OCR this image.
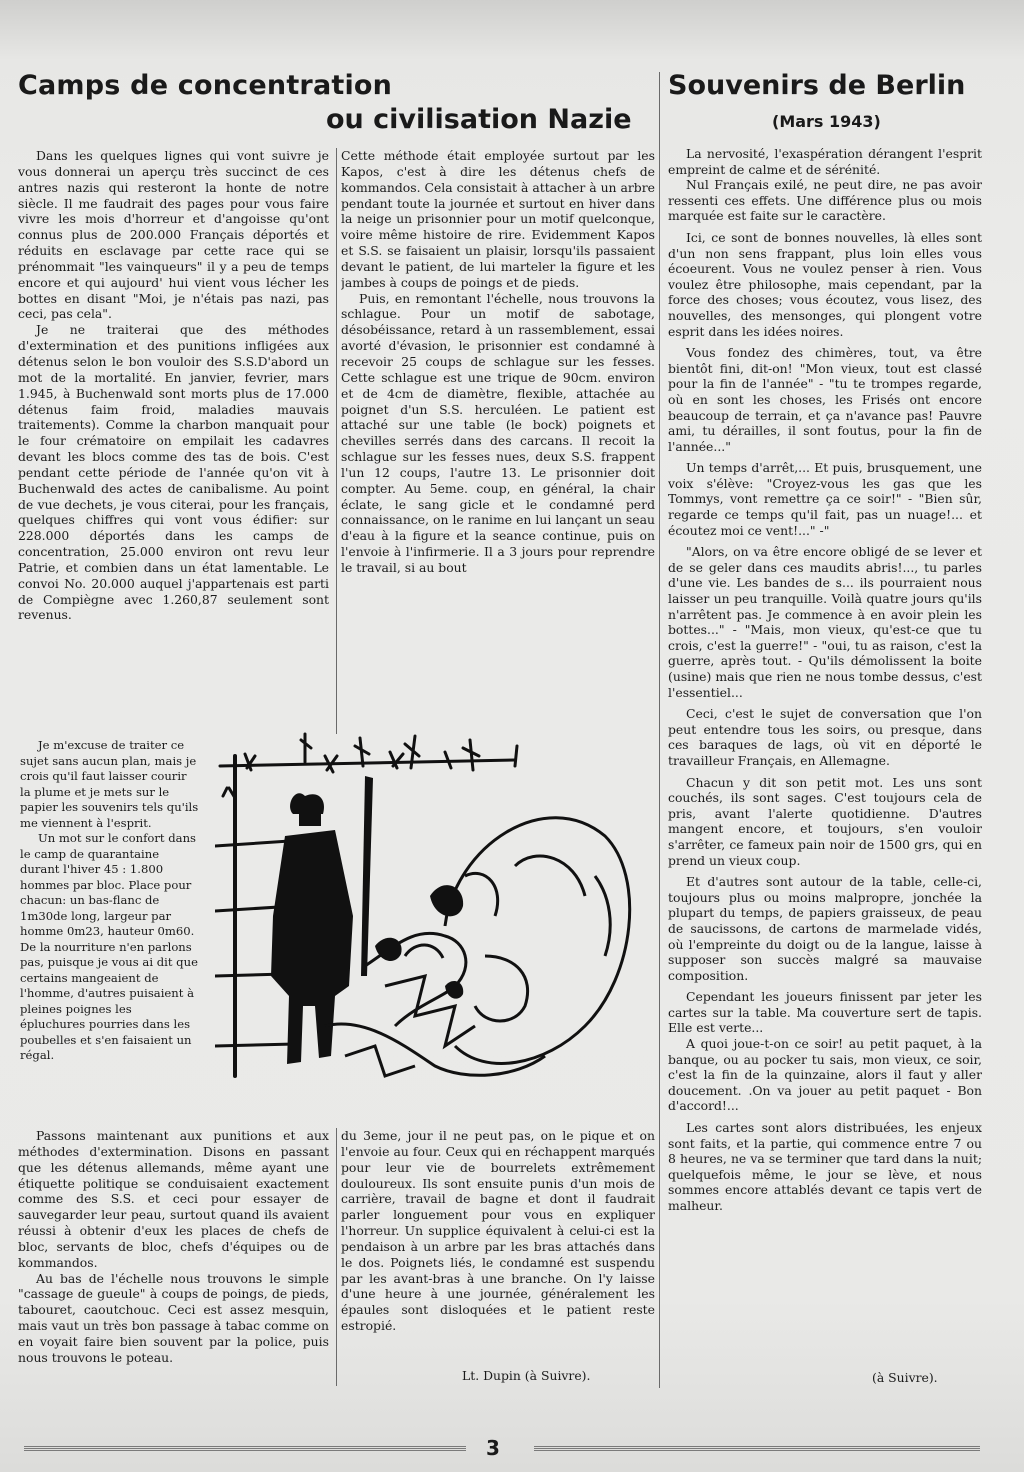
Camps de concentration
ou civilisation Nazie

Dans les quelques lignes qui vont suivre je vous donnerai un aperçu très succinct de ces antres nazis qui resteront la honte de notre siècle. Il me faudrait des pages pour vous faire vivre les mois d'horreur et d'angoisse qu'ont connus plus de 200.000 Français déportés et réduits en esclavage par cette race qui se prénommait "les vainqueurs" il y a peu de temps encore et qui aujourd' hui vient vous lécher les bottes en disant "Moi, je n'étais pas nazi, pas ceci, pas cela".

Je ne traiterai que des méthodes d'extermination et des punitions infligées aux détenus selon le bon vouloir des S.S.D'abord un mot de la mortalité. En janvier, fevrier, mars 1.945, à Buchenwald sont morts plus de 17.000 détenus faim froid, maladies mauvais traitements). Comme la charbon manquait pour le four crématoire on empilait les cadavres devant les blocs comme des tas de bois. C'est pendant cette période de l'année qu'on vit à Buchenwald des actes de canibalisme. Au point de vue dechets, je vous citerai, pour les français, quelques chiffres qui vont vous édifier: sur 228.000 déportés dans les camps de concentration, 25.000 environ ont revu leur Patrie, et combien dans un état lamentable. Le convoi No. 20.000 auquel j'appartenais est parti de Compiègne avec 1.260,87 seulement sont revenus.

Je m'excuse de traiter ce sujet sans aucun plan, mais je crois qu'il faut laisser courir la plume et je mets sur le papier les souvenirs tels qu'ils me viennent à l'esprit.

Un mot sur le confort dans le camp de quarantaine durant l'hiver 45 : 1.800 hommes par bloc. Place pour chacun: un bas-flanc de 1m30de long, largeur par homme 0m23, hauteur 0m60. De la nourriture n'en parlons pas, puisque je vous ai dit que certains mangeaient de l'homme, d'autres puisaient à pleines poignes les épluchures pourries dans les poubelles et s'en faisaient un régal.

Cette méthode était employée surtout par les Kapos, c'est à dire les détenus chefs de kommandos. Cela consistait à attacher à un arbre pendant toute la journée et surtout en hiver dans la neige un prisonnier pour un motif quelconque, voire même histoire de rire. Evidemment Kapos et S.S. se faisaient un plaisir, lorsqu'ils passaient devant le patient, de lui marteler la figure et les jambes à coups de poings et de pieds.

Puis, en remontant l'échelle, nous trouvons la schlague. Pour un motif de sabotage, désobéissance, retard à un rassemblement, essai avorté d'évasion, le prisonnier est condamné à recevoir 25 coups de schlague sur les fesses. Cette schlague est une trique de 90cm. environ et de 4cm de diamètre, flexible, attachée au poignet d'un S.S. herculéen. Le patient est attaché sur une table (le bock) poignets et chevilles serrés dans des carcans. Il recoit la schlague sur les fesses nues, deux S.S. frappent l'un 12 coups, l'autre 13. Le prisonnier doit compter. Au 5eme. coup, en général, la chair éclate, le sang gicle et le condamné perd connaissance, on le ranime en lui lançant un seau d'eau à la figure et la seance continue, puis on l'envoie à l'infirmerie. Il a 3 jours pour reprendre le travail, si au bout

Passons maintenant aux punitions et aux méthodes d'extermination. Disons en passant que les détenus allemands, même ayant une étiquette politique se conduisaient exactement comme des S.S. et ceci pour essayer de sauvegarder leur peau, surtout quand ils avaient réussi à obtenir d'eux les places de chefs de bloc, servants de bloc, chefs d'équipes ou de kommandos.

Au bas de l'échelle nous trouvons le simple "cassage de gueule" à coups de poings, de pieds, tabouret, caoutchouc. Ceci est assez mesquin, mais vaut un très bon passage à tabac comme on en voyait faire bien souvent par la police, puis nous trouvons le poteau.

du 3eme, jour il ne peut pas, on le pique et on l'envoie au four. Ceux qui en réchappent marqués pour leur vie de bourrelets extrêmement douloureux. Ils sont ensuite punis d'un mois de carrière, travail de bagne et dont il faudrait parler longuement pour vous en expliquer l'horreur. Un supplice équivalent à celui-ci est la pendaison à un arbre par les bras attachés dans le dos. Poignets liés, le condamné est suspendu par les avant-bras à une branche. On l'y laisse d'une heure à une journée, généralement les épaules sont disloquées et le patient reste estropié.

Lt. Dupin (à Suivre).
Souvenirs de Berlin
(Mars 1943)

La nervosité, l'exaspération dérangent l'esprit empreint de calme et de sérénité.

Nul Français exilé, ne peut dire, ne pas avoir ressenti ces effets. Une différence plus ou mois marquée est faite sur le caractère.

Ici, ce sont de bonnes nouvelles, là elles sont d'un non sens frappant, plus loin elles vous écoeurent. Vous ne voulez penser à rien. Vous voulez être philosophe, mais cependant, par la force des choses; vous écoutez, vous lisez, des nouvelles, des mensonges, qui plongent votre esprit dans les idées noires.

Vous fondez des chimères, tout, va être bientôt fini, dit-on! "Mon vieux, tout est classé pour la fin de l'année" - "tu te trompes regarde, où en sont les choses, les Frisés ont encore beaucoup de terrain, et ça n'avance pas! Pauvre ami, tu dérailles, il sont foutus, pour la fin de l'année..."

Un temps d'arrêt,... Et puis, brusquement, une voix s'élève: "Croyez-vous les gas que les Tommys, vont remettre ça ce soir!" - "Bien sûr, regarde ce temps qu'il fait, pas un nuage!... et écoutez moi ce vent!..." -"

"Alors, on va être encore obligé de se lever et de se geler dans ces maudits abris!..., tu parles d'une vie. Les bandes de s... ils pourraient nous laisser un peu tranquille. Voilà quatre jours qu'ils n'arrêtent pas. Je commence à en avoir plein les bottes..." - "Mais, mon vieux, qu'est-ce que tu crois, c'est la guerre!" - "oui, tu as raison, c'est la guerre, après tout. - Qu'ils démolissent la boite (usine) mais que rien ne nous tombe dessus, c'est l'essentiel...

Ceci, c'est le sujet de conversation que l'on peut entendre tous les soirs, ou presque, dans ces baraques de lags, où vit en déporté le travailleur Français, en Allemagne.

Chacun y dit son petit mot. Les uns sont couchés, ils sont sages. C'est toujours cela de pris, avant l'alerte quotidienne. D'autres mangent encore, et toujours, s'en vouloir s'arrêter, ce fameux pain noir de 1500 grs, qui en prend un vieux coup.

Et d'autres sont autour de la table, celle-ci, toujours plus ou moins malpropre, jonchée la plupart du temps, de papiers graisseux, de peau de saucissons, de cartons de marmelade vidés, où l'empreinte du doigt ou de la langue, laisse à supposer son succès malgré sa mauvaise composition.

Cependant les joueurs finissent par jeter les cartes sur la table. Ma couverture sert de tapis. Elle est verte...

A quoi joue-t-on ce soir! au petit paquet, à la banque, ou au pocker tu sais, mon vieux, ce soir, c'est la fin de la quinzaine, alors il faut y aller doucement. .On va jouer au petit paquet - Bon d'accord!...

Les cartes sont alors distribuées, les enjeux sont faits, et la partie, qui commence entre 7 ou 8 heures, ne va se terminer que tard dans la nuit; quelquefois même, le jour se lève, et nous sommes encore attablés devant ce tapis vert de malheur.

(à Suivre).
3
